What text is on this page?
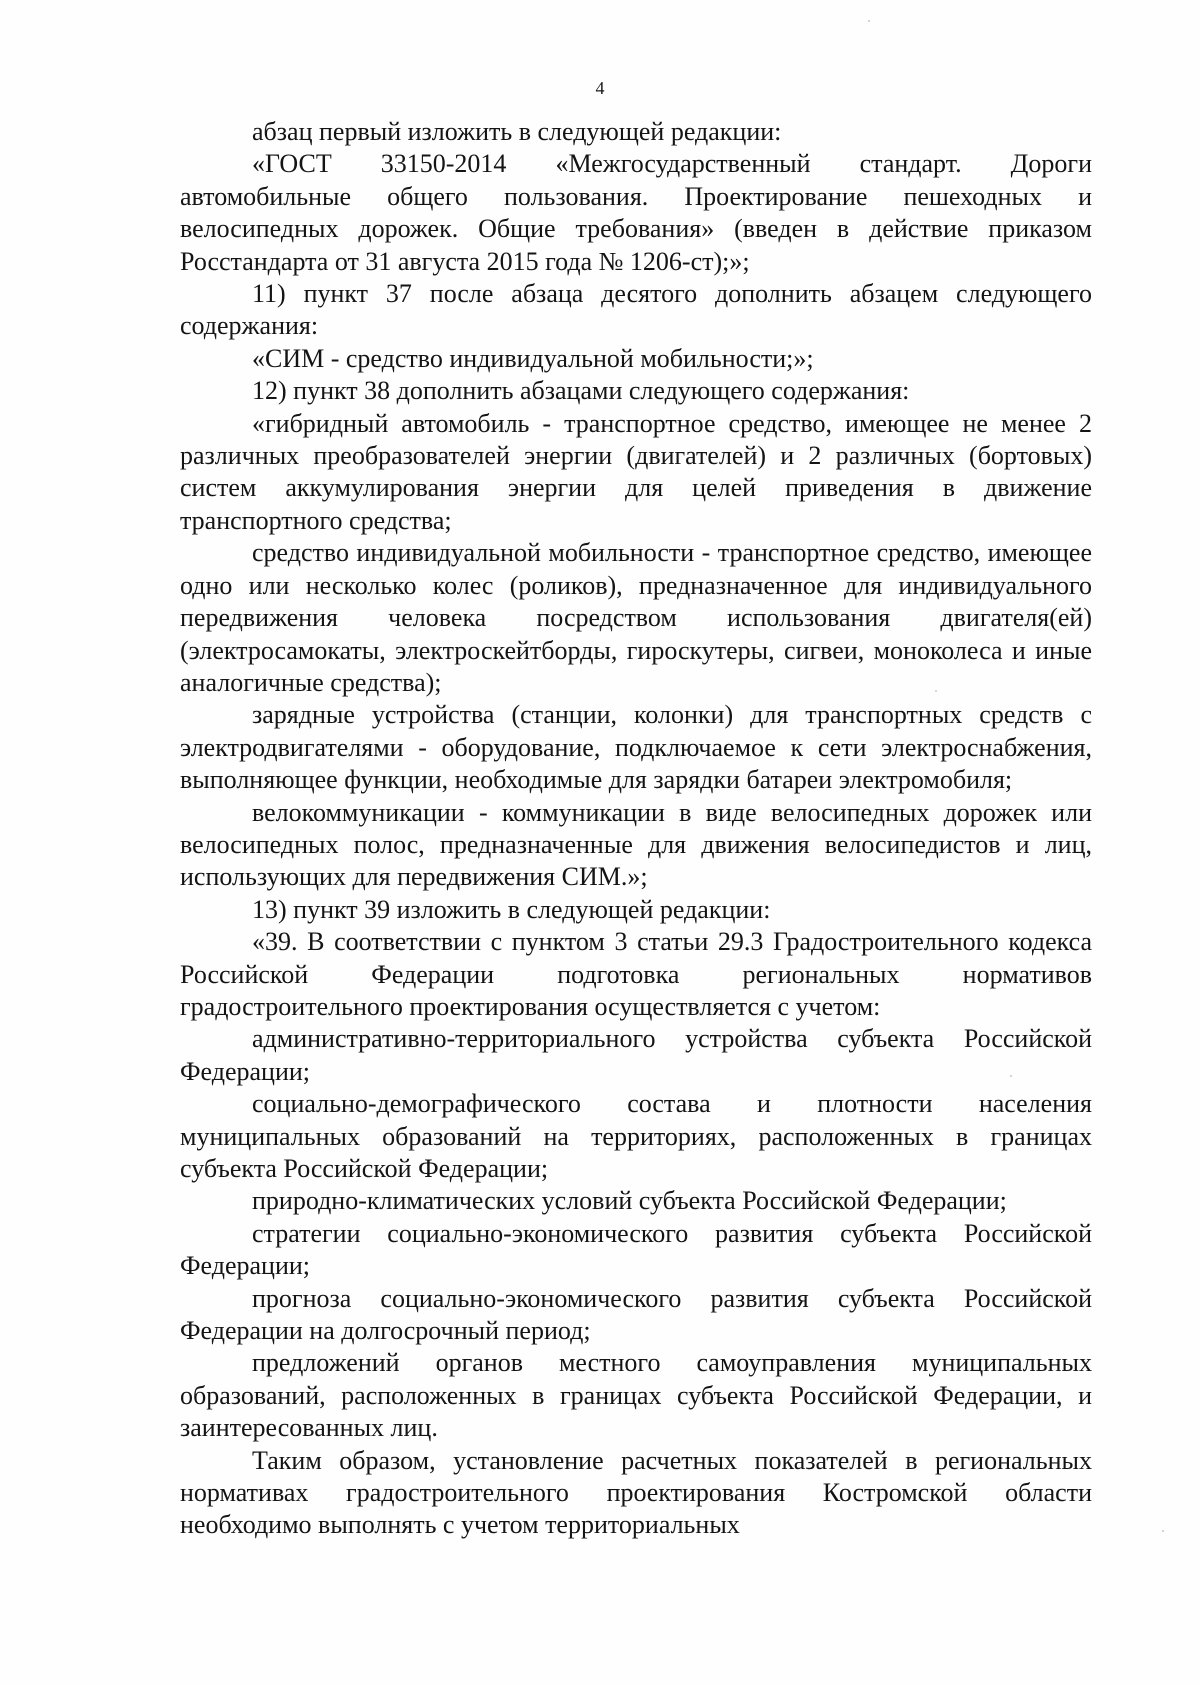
4

абзац первый изложить в следующей редакции:

«ГОСТ 33150-2014 «Межгосударственный стандарт. Дороги автомобильные общего пользования. Проектирование пешеходных и велосипедных дорожек. Общие требования» (введен в действие приказом Росстандарта от 31 августа 2015 года № 1206-ст);»;

11) пункт 37 после абзаца десятого дополнить абзацем следующего содержания:

«СИМ - средство индивидуальной мобильности;»;

12) пункт 38 дополнить абзацами следующего содержания:

«гибридный автомобиль - транспортное средство, имеющее не менее 2 различных преобразователей энергии (двигателей) и 2 различных (бортовых) систем аккумулирования энергии для целей приведения в движение транспортного средства;

средство индивидуальной мобильности - транспортное средство, имеющее одно или несколько колес (роликов), предназначенное для индивидуального передвижения человека посредством использования двигателя(ей) (электросамокаты, электроскейтборды, гироскутеры, сигвеи, моноколеса и иные аналогичные средства);

зарядные устройства (станции, колонки) для транспортных средств с электродвигателями - оборудование, подключаемое к сети электроснабжения, выполняющее функции, необходимые для зарядки батареи электромобиля;

велокоммуникации - коммуникации в виде велосипедных дорожек или велосипедных полос, предназначенные для движения велосипедистов и лиц, использующих для передвижения СИМ.»;

13) пункт 39 изложить в следующей редакции:

«39. В соответствии с пунктом 3 статьи 29.3 Градостроительного кодекса Российской Федерации подготовка региональных нормативов градостроительного проектирования осуществляется с учетом:

административно-территориального устройства субъекта Российской Федерации;

социально-демографического состава и плотности населения муниципальных образований на территориях, расположенных в границах субъекта Российской Федерации;

природно-климатических условий субъекта Российской Федерации;

стратегии социально-экономического развития субъекта Российской Федерации;

прогноза социально-экономического развития субъекта Российской Федерации на долгосрочный период;

предложений органов местного самоуправления муниципальных образований, расположенных в границах субъекта Российской Федерации, и заинтересованных лиц.

Таким образом, установление расчетных показателей в региональных нормативах градостроительного проектирования Костромской области необходимо выполнять с учетом территориальных
